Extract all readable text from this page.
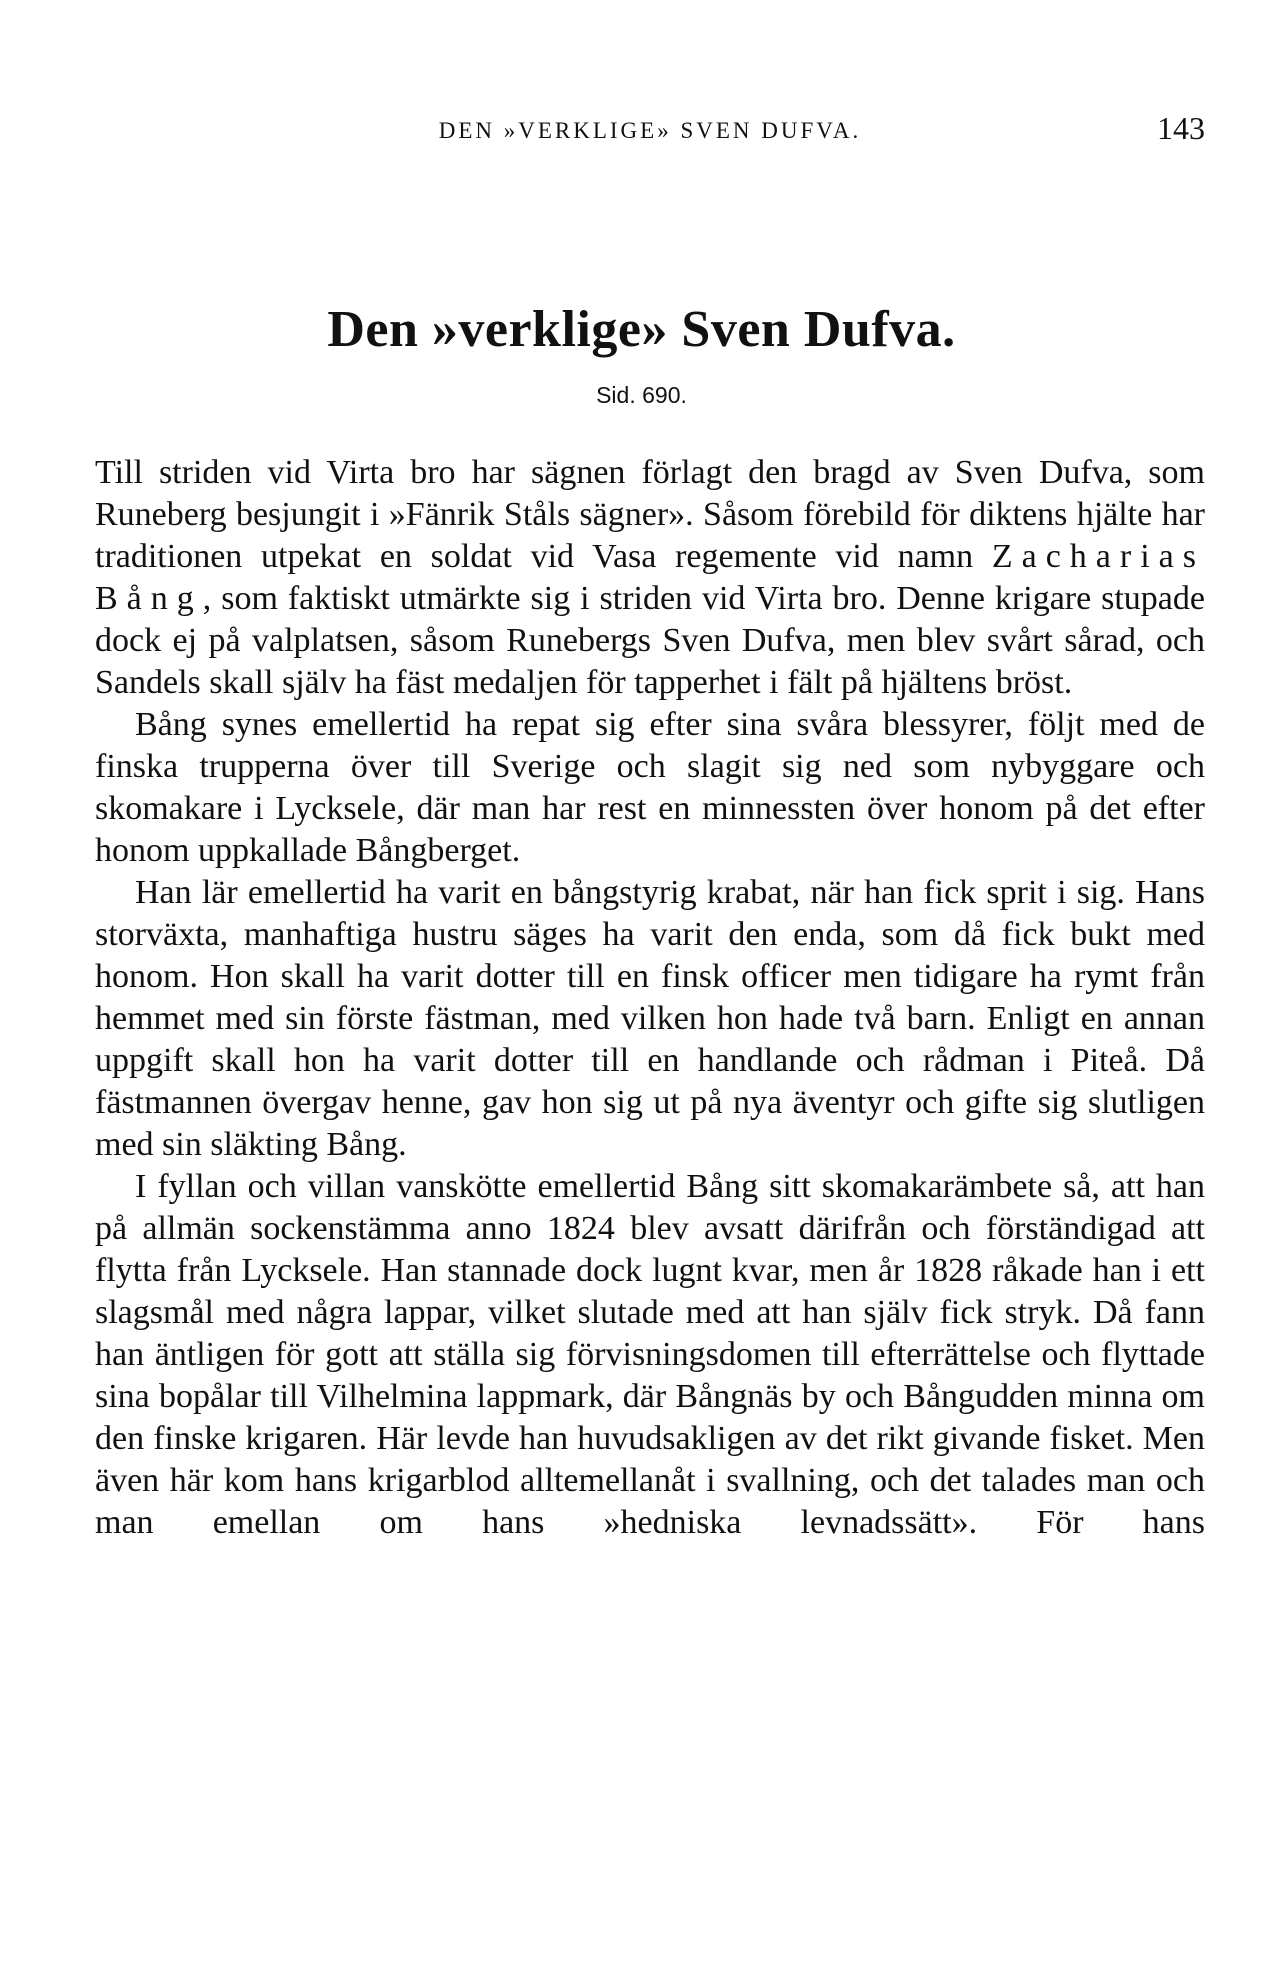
DEN »VERKLIGE» SVEN DUFVA.	143
Den »verklige» Sven Dufva.
Sid. 690.

Till striden vid Virta bro har sägnen förlagt den bragd av Sven Dufva, som Runeberg besjungit i »Fänrik Ståls sägner». Såsom förebild för diktens hjälte har traditionen utpekat en soldat vid Vasa regemente vid namn Zacharias Bång, som faktiskt utmärkte sig i striden vid Virta bro. Denne krigare stupade dock ej på valplatsen, såsom Runebergs Sven Dufva, men blev svårt sårad, och Sandels skall själv ha fäst medaljen för tapperhet i fält på hjältens bröst.

Bång synes emellertid ha repat sig efter sina svåra blessyrer, följt med de finska trupperna över till Sverige och slagit sig ned som nybyggare och skomakare i Lycksele, där man har rest en minnessten över honom på det efter honom uppkallade Bångberget.

Han lär emellertid ha varit en bångstyrig krabat, när han fick sprit i sig. Hans storväxta, manhaftiga hustru säges ha varit den enda, som då fick bukt med honom. Hon skall ha varit dotter till en finsk officer men tidigare ha rymt från hemmet med sin förste fästman, med vilken hon hade två barn. Enligt en annan uppgift skall hon ha varit dotter till en handlande och rådman i Piteå. Då fästmannen övergav henne, gav hon sig ut på nya äventyr och gifte sig slutligen med sin släkting Bång.

I fyllan och villan vanskötte emellertid Bång sitt skomakarämbete så, att han på allmän sockenstämma anno 1824 blev avsatt därifrån och förständigad att flytta från Lycksele. Han stannade dock lugnt kvar, men år 1828 råkade han i ett slagsmål med några lappar, vilket slutade med att han själv fick stryk. Då fann han äntligen för gott att ställa sig förvisningsdomen till efterrättelse och flyttade sina bopålar till Vilhelmina lappmark, där Bångnäs by och Bångudden minna om den finske krigaren. Här levde han huvudsakligen av det rikt givande fisket. Men även här kom hans krigarblod alltemellanåt i svallning, och det talades man och man emellan om hans »hedniska levnadssätt». För hans
